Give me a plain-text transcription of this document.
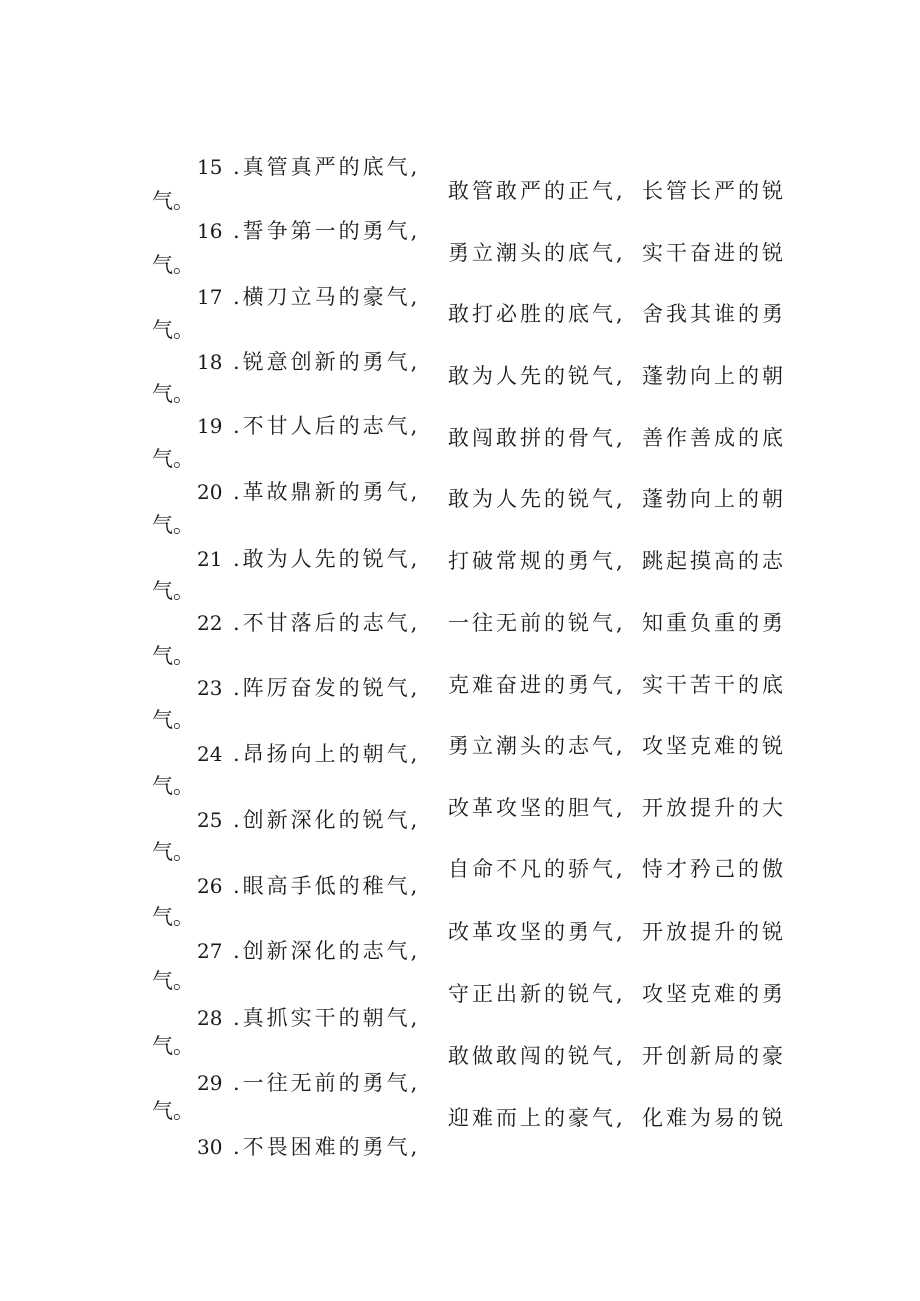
15 .真管真严的底气,
敢管敢严的正气, 长管长严的锐
气。
16 .誓争第一的勇气,
勇立潮头的底气, 实干奋进的锐
气。
17 .横刀立马的豪气,
敢打必胜的底气, 舍我其谁的勇
气。
18 .锐意创新的勇气,
敢为人先的锐气, 蓬勃向上的朝
气。
19 .不甘人后的志气, 敢闯敢拼的骨气, 善作善成的底
气。
20 .革故鼎新的勇气, 敢为人先的锐气, 蓬勃向上的朝
气。
21 .敢为人先的锐气, 打破常规的勇气, 跳起摸高的志
气。
22 .不甘落后的志气, 一往无前的锐气, 知重负重的勇
气。
23 .阵厉奋发的锐气, 克难奋进的勇气, 实干苦干的底
气。
24 .昂扬向上的朝气, 勇立潮头的志气, 攻坚克难的锐
气。
25 .创新深化的锐气, 改革攻坚的胆气, 开放提升的大
气。
26 .眼高手低的稚气,
自命不凡的骄气, 恃才矜己的傲
气。
27 .创新深化的志气,
改革攻坚的勇气, 开放提升的锐
气。
28 .真抓实干的朝气,
守正出新的锐气, 攻坚克难的勇
气。
29 .一往无前的勇气,
敢做敢闯的锐气, 开创新局的豪
气。
30 .不畏困难的勇气,
迎难而上的豪气, 化难为易的锐
